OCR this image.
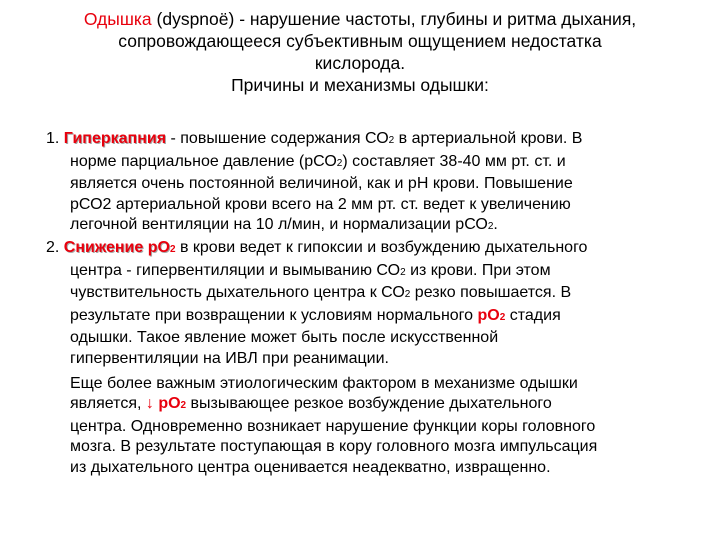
Одышка (dyspnoë) - нарушение частоты, глубины и ритма дыхания,
сопровождающееся субъективным ощущением недостатка
кислорода.
Причины и механизмы одышки:
1. Гиперкапния - повышение содержания СО2 в артериальной крови. В
норме парциальное давление (рСО2) составляет 38-40 мм рт. ст. и
является очень постоянной величиной, как и рН крови. Повышение
рСО2 артериальной крови всего на 2 мм рт. ст. ведет к увеличению
легочной вентиляции на 10 л/мин, и нормализации рСО2.
2. Снижение рО2 в крови ведет к гипоксии и возбуждению дыхательного
центра - гипервентиляции и вымыванию СО2 из крови. При этом
чувствительность дыхательного центра к СО2 резко повышается. В
результате при возвращении к условиям нормального рО2 стадия
одышки. Такое явление может быть после искусственной
гипервентиляции на ИВЛ при реанимации.
Еще более важным этиологическим фактором в механизме одышки
является, ↓ рО2 вызывающее резкое возбуждение дыхательного
центра. Одновременно возникает нарушение функции коры головного
мозга. В результате поступающая в кору головного мозга импульсация
из дыхательного центра оценивается неадекватно, извращенно.
